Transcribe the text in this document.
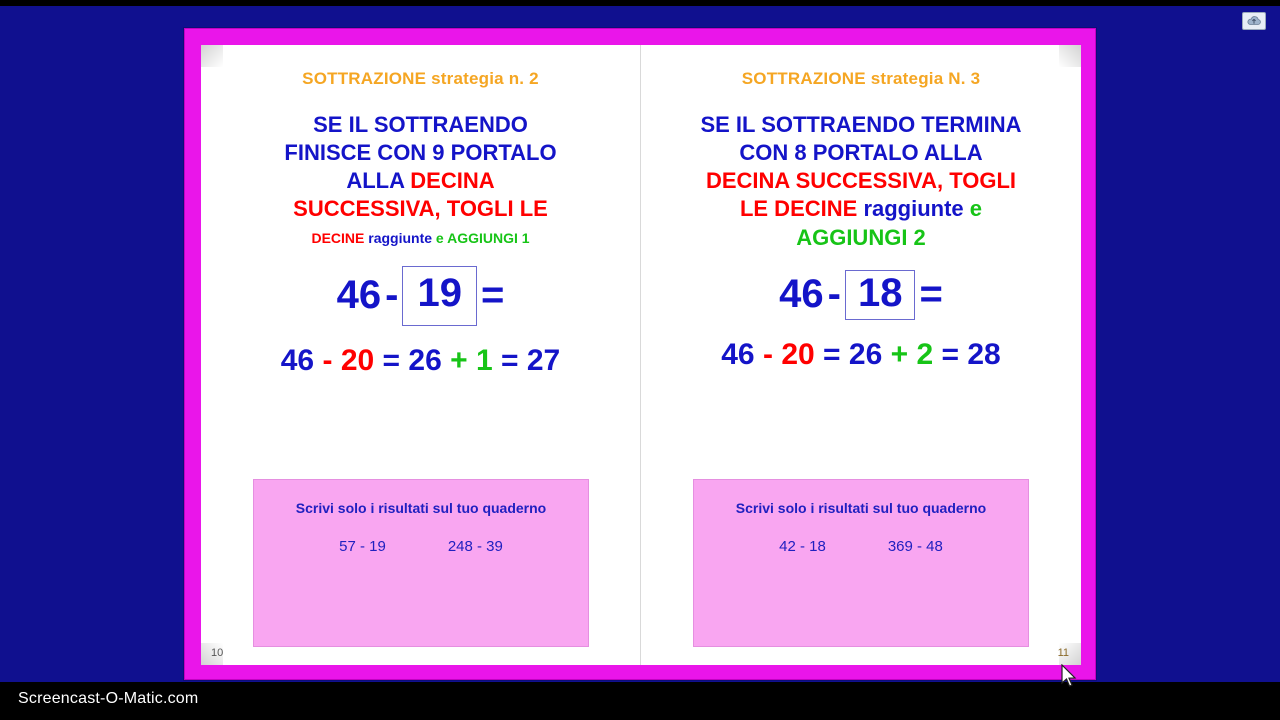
SOTTRAZIONE strategia n. 2
SE IL SOTTRAENDO
FINISCE CON 9 PORTALO
ALLA DECINA
SUCCESSIVA, TOGLI LE
DECINE raggiunte e AGGIUNGI 1
46 - 19 =
46 - 20 = 26 + 1 = 27
Scrivi solo i risultati sul tuo quaderno
57 - 19	248 - 39
10
SOTTRAZIONE strategia N. 3
SE IL SOTTRAENDO TERMINA
CON 8 PORTALO ALLA
DECINA SUCCESSIVA, TOGLI
LE DECINE raggiunte e
AGGIUNGI 2
46 - 18 =
46 - 20 = 26 + 2 = 28
Scrivi solo i risultati sul tuo quaderno
42 - 18	369 - 48
11
Screencast-O-Matic.com
